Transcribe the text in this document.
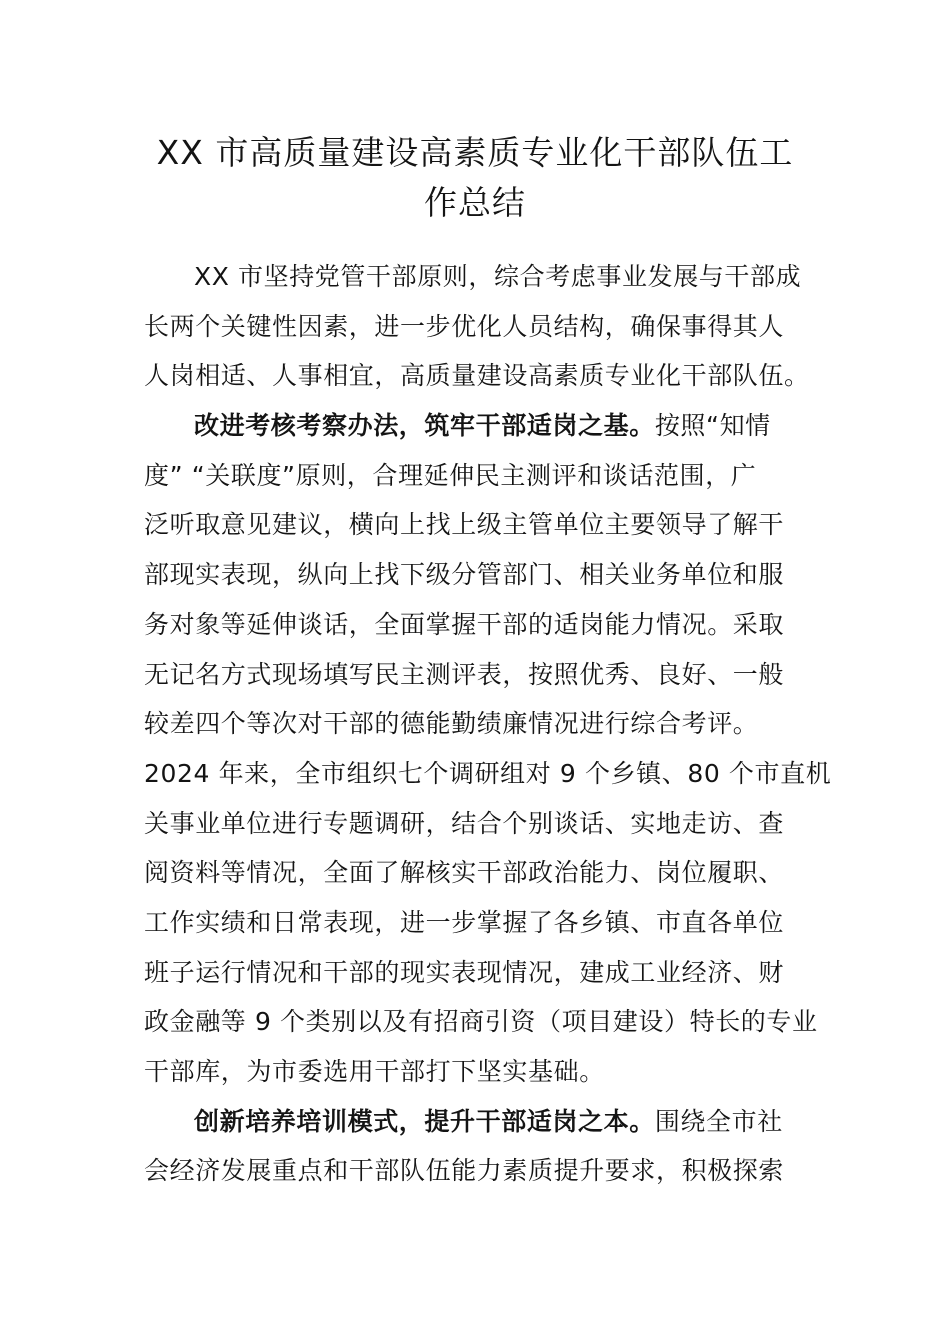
XX 市高质量建设高素质专业化干部队伍工
作总结
XX 市坚持党管干部原则，综合考虑事业发展与干部成
长两个关键性因素，进一步优化人员结构，确保事得其人
人岗相适、人事相宜，高质量建设高素质专业化干部队伍。
改进考核考察办法，筑牢干部适岗之基。按照“知情
度” “关联度”原则，合理延伸民主测评和谈话范围，广
泛听取意见建议，横向上找上级主管单位主要领导了解干
部现实表现，纵向上找下级分管部门、相关业务单位和服
务对象等延伸谈话，全面掌握干部的适岗能力情况。采取
无记名方式现场填写民主测评表，按照优秀、良好、一般
较差四个等次对干部的德能勤绩廉情况进行综合考评。
2024 年来，全市组织七个调研组对 9 个乡镇、80 个市直机
关事业单位进行专题调研，结合个别谈话、实地走访、查
阅资料等情况，全面了解核实干部政治能力、岗位履职、
工作实绩和日常表现，进一步掌握了各乡镇、市直各单位
班子运行情况和干部的现实表现情况，建成工业经济、财
政金融等 9 个类别以及有招商引资（项目建设）特长的专业
干部库，为市委选用干部打下坚实基础。
创新培养培训模式，提升干部适岗之本。围绕全市社
会经济发展重点和干部队伍能力素质提升要求，积极探索
